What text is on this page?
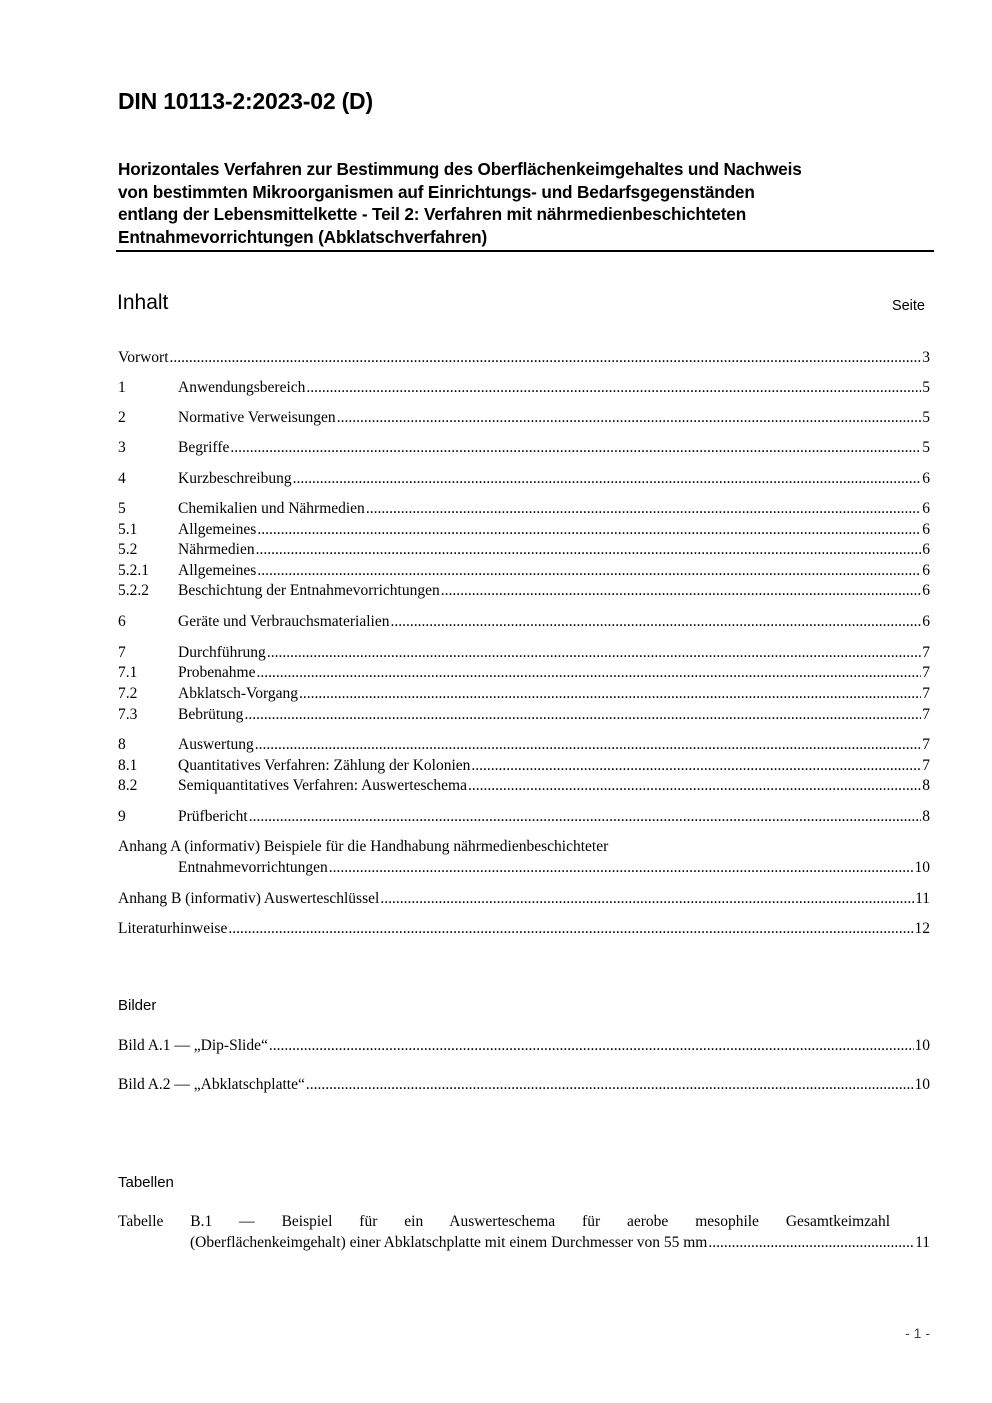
DIN 10113-2:2023-02 (D)
Horizontales Verfahren zur Bestimmung des Oberflächenkeimgehaltes und Nachweis
von bestimmten Mikroorganismen auf Einrichtungs- und Bedarfsgegenständen
entlang der Lebensmittelkette - Teil 2: Verfahren mit nährmedienbeschichteten
Entnahmevorrichtungen (Abklatschverfahren)
Inhalt	Seite
Vorwort .....	3
1	Anwendungsbereich .....	5
2	Normative Verweisungen .....	5
3	Begriffe .....	5
4	Kurzbeschreibung .....	6
5	Chemikalien und Nährmedien .....	6
5.1	Allgemeines .....	6
5.2	Nährmedien .....	6
5.2.1	Allgemeines .....	6
5.2.2	Beschichtung der Entnahmevorrichtungen .....	6
6	Geräte und Verbrauchsmaterialien .....	6
7	Durchführung .....	7
7.1	Probenahme .....	7
7.2	Abklatsch-Vorgang .....	7
7.3	Bebrütung .....	7
8	Auswertung .....	7
8.1	Quantitatives Verfahren: Zählung der Kolonien .....	7
8.2	Semiquantitatives Verfahren: Auswerteschema .....	8
9	Prüfbericht .....	8
Anhang A (informativ) Beispiele für die Handhabung nährmedienbeschichteter
Entnahmevorrichtungen .....	10
Anhang B (informativ) Auswerteschlüssel .....	11
Literaturhinweise .....	12
Bilder
Bild A.1 — „Dip-Slide“ .....	10
Bild A.2 — „Abklatschplatte“ .....	10
Tabellen
Tabelle B.1 — Beispiel für ein Auswerteschema für aerobe mesophile Gesamtkeimzahl
(Oberflächenkeimgehalt) einer Abklatschplatte mit einem Durchmesser von 55 mm .....	11
- 1 -
